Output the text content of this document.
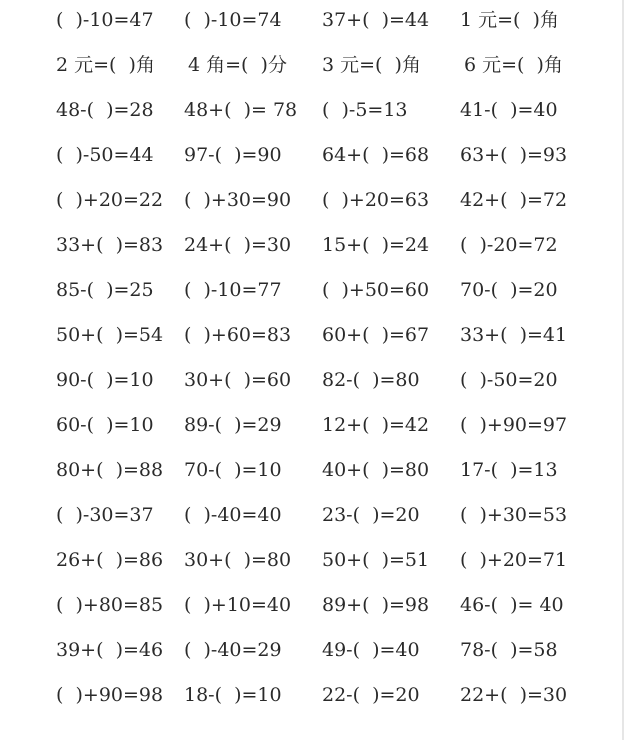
(  )-10=47 (  )-10=74 37+(  )=44 1 元=(  )角
2 元=(  )角 4 角=(  )分 3 元=(  )角 6 元=(  )角
48-(  )=28 48+(  )= 78 (  )-5=13	41-(  )=40
(  )-50=44 97-(  )=90 64+(  )=68 63+(  )=93
(  )+20=22 (  )+30=90 (  )+20=63 42+(  )=72
33+(  )=83 24+(  )=30 15+(  )=24 (  )-20=72
85-(  )=25 (  )-10=77 (  )+50=60 70-(  )=20
50+(  )=54 (  )+60=83 60+(  )=67 33+(  )=41
90-(  )=10 30+(  )=60 82-(  )=80 (  )-50=20
60-(  )=10 89-(  )=29 12+(  )=42 (  )+90=97
80+(  )=88 70-(  )=10 40+(  )=80 17-(  )=13
(  )-30=37 (  )-40=40 23-(  )=20 (  )+30=53
26+(  )=86 30+(  )=80 50+(  )=51 (  )+20=71
(  )+80=85 (  )+10=40 89+(  )=98 46-(  )= 40
39+(  )=46 (  )-40=29 49-(  )=40 78-(  )=58
(  )+90=98 18-(  )=10 22-(  )=20 22+(  )=30
